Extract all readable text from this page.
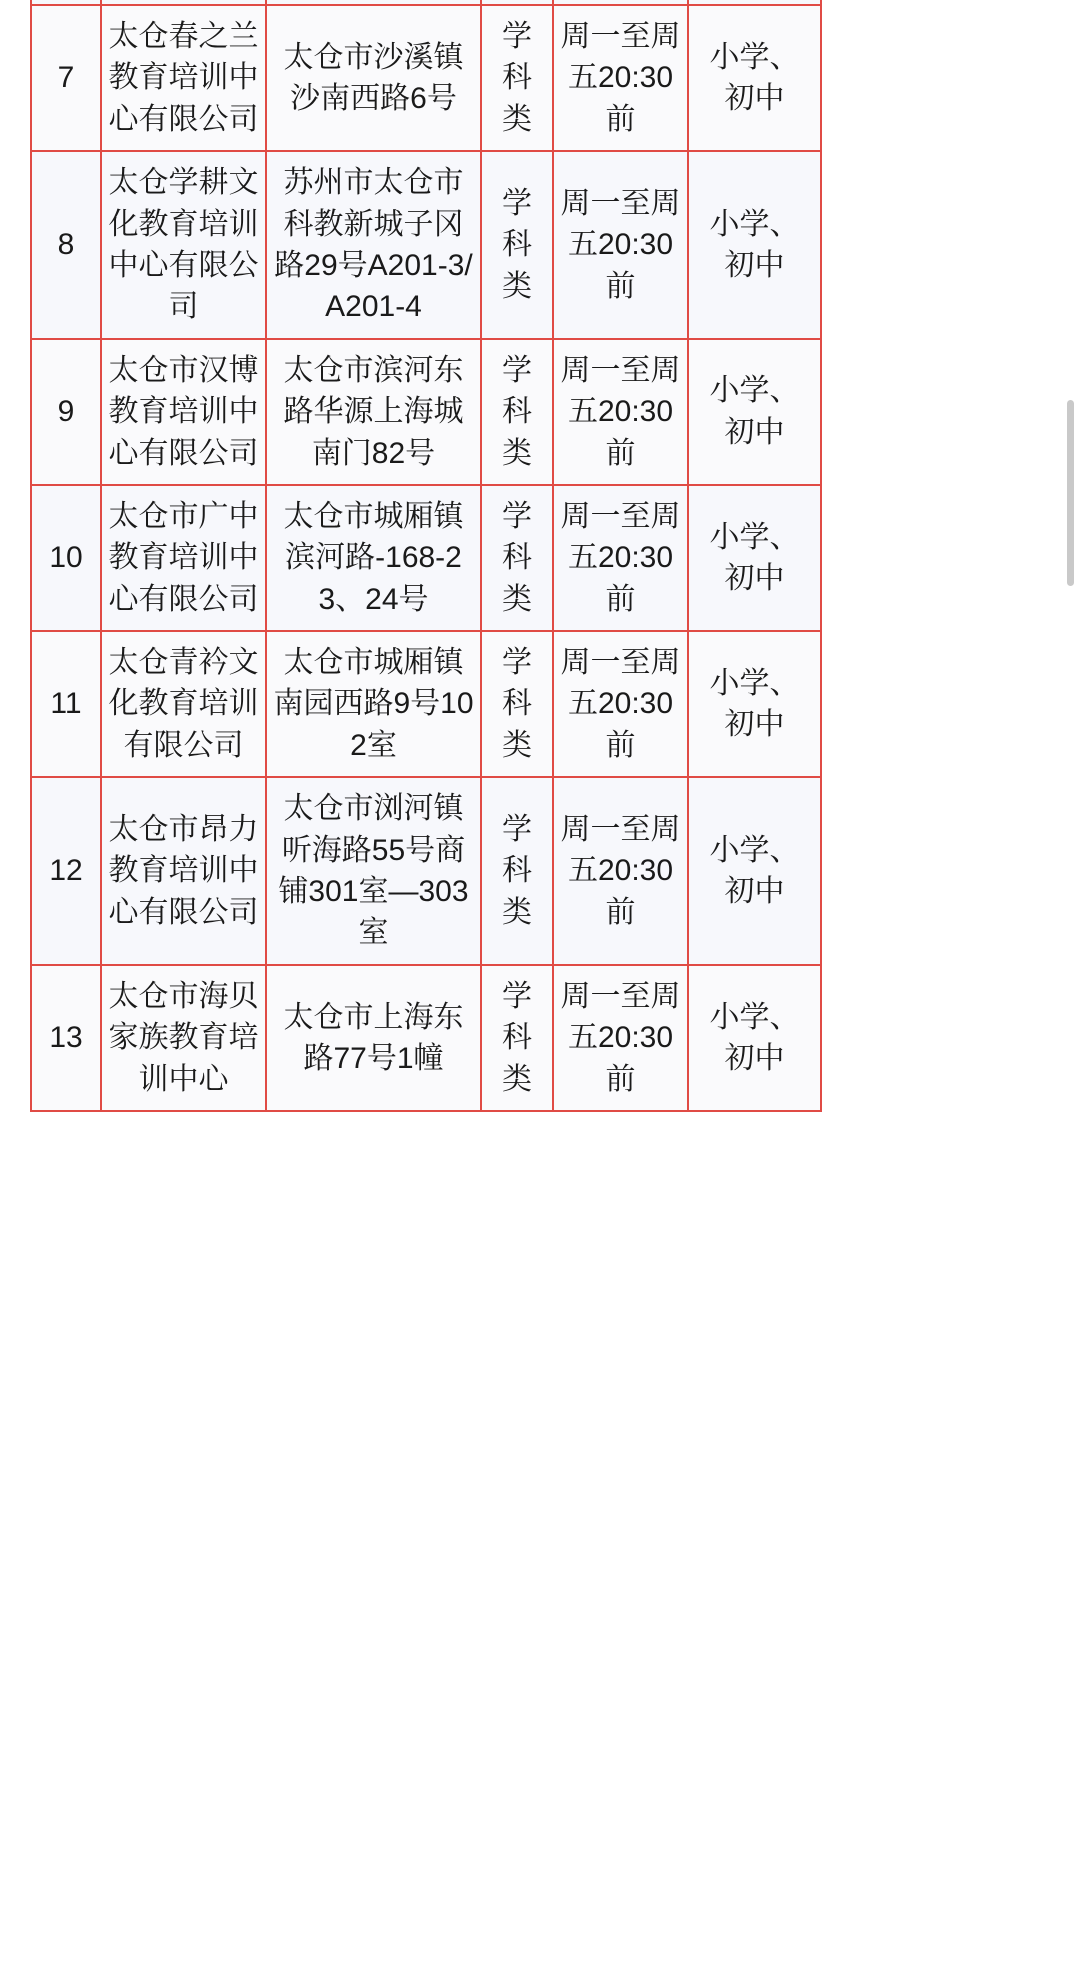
7	太仓春之兰教育培训中心有限公司	太仓市沙溪镇沙南西路6号	学科类	周一至周五20:30前	小学、初中
8	太仓学耕文化教育培训中心有限公司	苏州市太仓市科教新城子冈路29号A201-3/A201-4	学科类	周一至周五20:30前	小学、初中
9	太仓市汉博教育培训中心有限公司	太仓市滨河东路华源上海城南门82号	学科类	周一至周五20:30前	小学、初中
10	太仓市广中教育培训中心有限公司	太仓市城厢镇滨河路-168-23、24号	学科类	周一至周五20:30前	小学、初中
11	太仓青衿文化教育培训有限公司	太仓市城厢镇南园西路9号102室	学科类	周一至周五20:30前	小学、初中
12	太仓市昂力教育培训中心有限公司	太仓市浏河镇听海路55号商铺301室—303室	学科类	周一至周五20:30前	小学、初中
13	太仓市海贝家族教育培训中心	太仓市上海东路77号1幢	学科类	周一至周五20:30前	小学、初中
